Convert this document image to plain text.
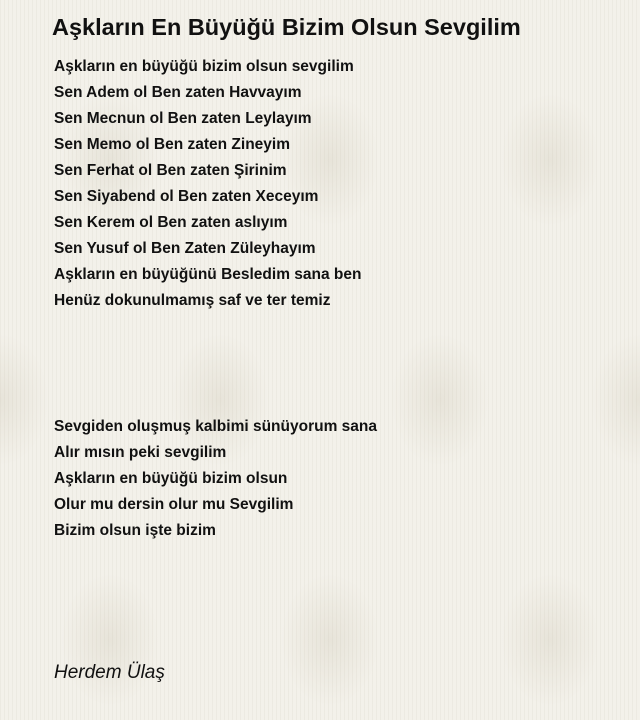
Aşkların En Büyüğü Bizim Olsun Sevgilim
Aşkların en büyüğü bizim olsun sevgilim
Sen Adem ol Ben zaten Havvayım
Sen Mecnun ol Ben zaten Leylayım
Sen Memo ol Ben zaten Zineyim
Sen Ferhat ol Ben zaten Şirinim
Sen Siyabend ol Ben zaten Xeceyım
Sen Kerem ol Ben zaten aslıyım
Sen Yusuf ol Ben Zaten Züleyhayım
Aşkların en büyüğünü Besledim sana ben
Henüz dokunulmamış saf ve ter temiz
Sevgiden oluşmuş kalbimi sünüyorum sana
Alır mısın peki sevgilim
Aşkların en büyüğü bizim olsun
Olur mu dersin olur mu Sevgilim
Bizim olsun işte bizim
Herdem Ülaş
